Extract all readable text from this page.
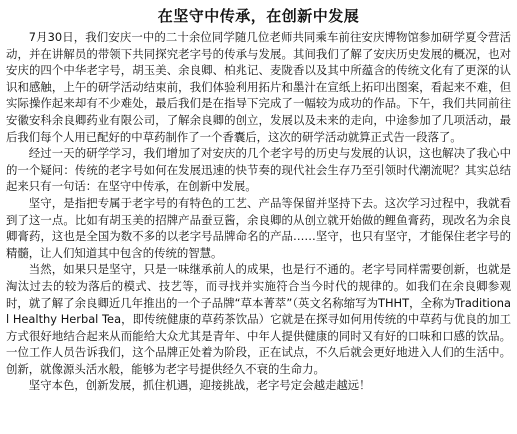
在坚守中传承，在创新中发展

7月30日，我们安庆一中的二十余位同学随几位老师共同乘车前往安庆博物馆参加研学夏令营活动，并在讲解员的带领下共同探究老字号的传承与发展。其间我们了解了安庆历史发展的概况，也对安庆的四个中华老字号，胡玉美、余良卿、柏兆记、麦陇香以及其中所蕴含的传统文化有了更深的认识和感触，上午的研学活动结束前，我们体验利用拓片和墨汁在宣纸上拓印出图案，看起来不难，但实际操作起来却有不少难处，最后我们是在指导下完成了一幅较为成功的作品。下午，我们共同前往安徽安科余良卿药业有限公司，了解余良卿的创立，发展以及未来的走向，中途参加了几项活动，最后我们每个人用已配好的中草药制作了一个香囊后，这次的研学活动就算正式告一段落了。

经过一天的研学学习，我们增加了对安庆的几个老字号的历史与发展的认识，这也解决了我心中的一个疑问：传统的老字号如何在发展迅速的快节奏的现代社会生存乃至引领时代潮流呢？其实总结起来只有一句话：在坚守中传承，在创新中发展。

坚守，是指把专属于老字号的有特色的工艺、产品等保留并坚持下去。这次学习过程中，我就看到了这一点。比如有胡玉美的招牌产品蚕豆酱，余良卿的从创立就开始做的鲤鱼膏药，现改名为余良卿膏药，这也是全国为数不多的以老字号品牌命名的产品……坚守，也只有坚守，才能保住老字号的精髓，让人们知道其中包含的传统的智慧。

当然，如果只是坚守，只是一味继承前人的成果，也是行不通的。老字号同样需要创新，也就是淘汰过去的较为落后的模式、技艺等，而寻找并实施符合当今时代的规律的。如我们在余良卿参观时，就了解了余良卿近几年推出的一个子品牌“草本菁萃”（英文名称缩写为THHT，全称为Traditional Healthy Herbal Tea，即传统健康的草药茶饮品）它就是在探寻如何用传统的中草药与优良的加工方式很好地结合起来从而能给大众尤其是青年、中年人提供健康的同时又有好的口味和口感的饮品。一位工作人员告诉我们，这个品牌正处着为阶段，正在试点，不久后就会更好地进入人们的生活中。创新，就像源头活水般，能够为老字号提供经久不衰的生命力。

坚守本色，创新发展，抓住机遇，迎接挑战，老字号定会越走越远！
